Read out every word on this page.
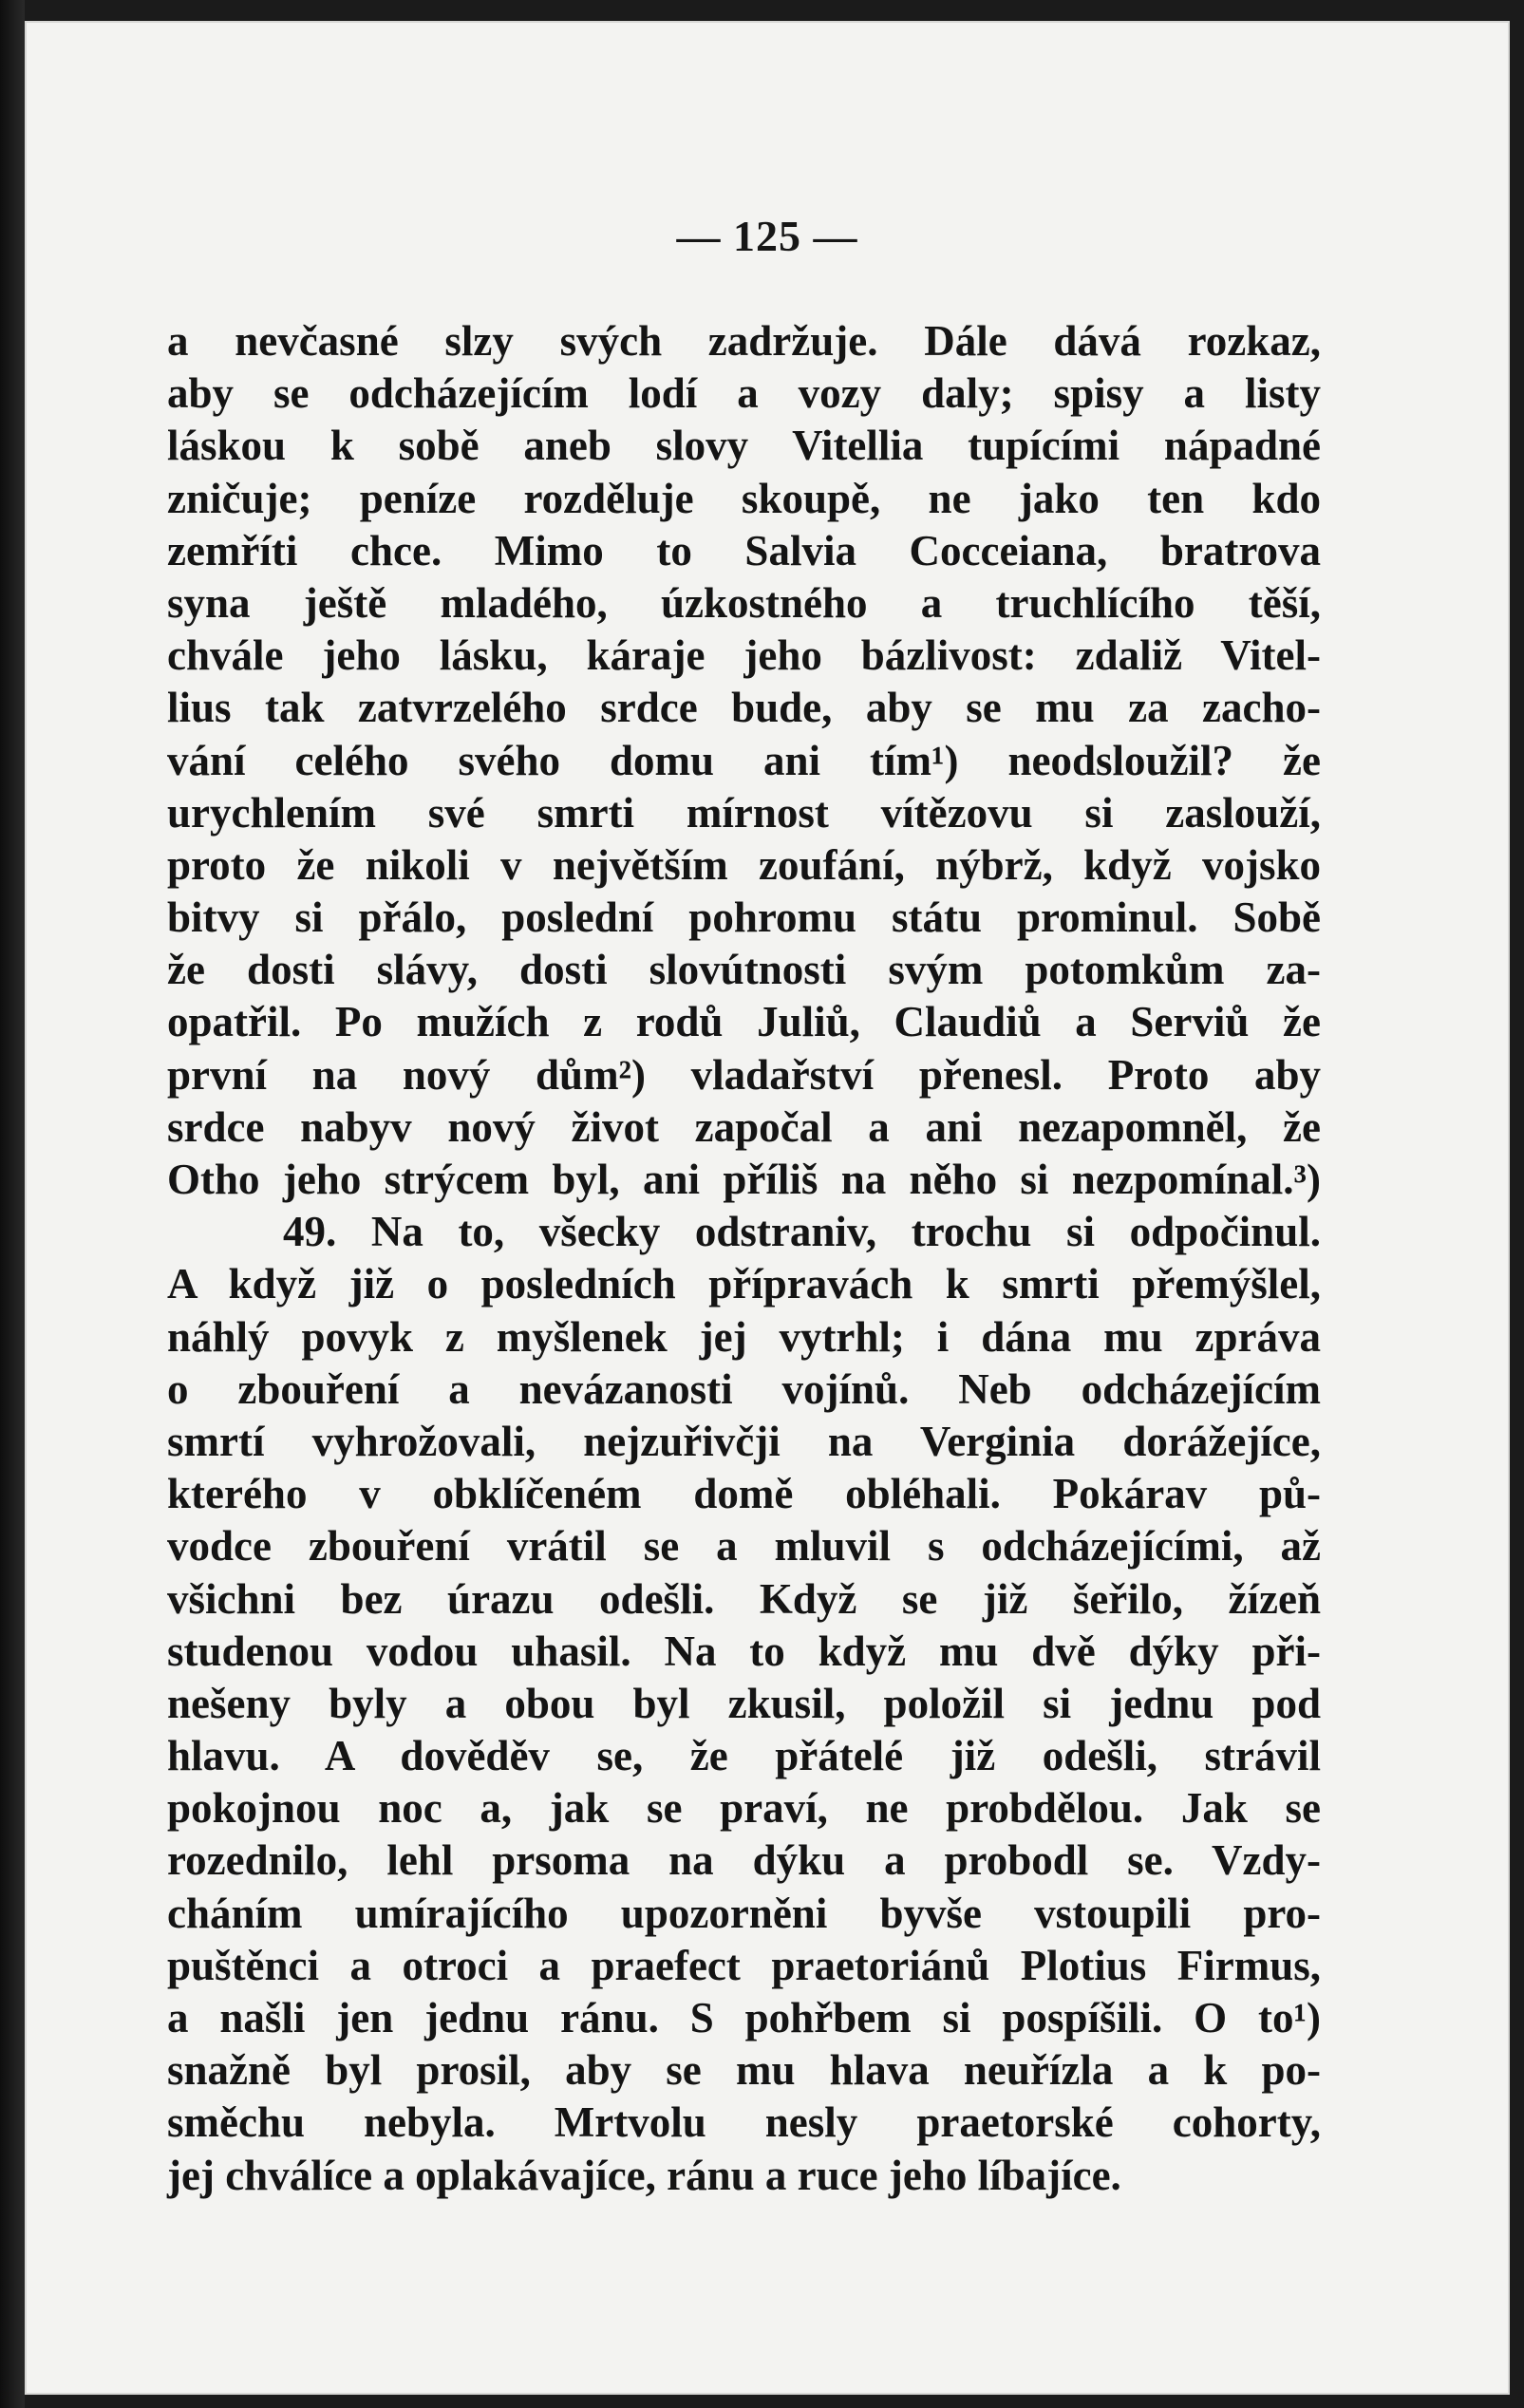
— 125 —
a nevčasné slzy svých zadržuje. Dále dává rozkaz,
aby se odcházejícím lodí a vozy daly; spisy a listy
láskou k sobě aneb slovy Vitellia tupícími nápadné
zničuje; peníze rozděluje skoupě, ne jako ten kdo
zemříti chce. Mimo to Salvia Cocceiana, bratrova
syna ještě mladého, úzkostného a truchlícího těší,
chvále jeho lásku, káraje jeho bázlivost: zdaliž Vitel-
lius tak zatvrzelého srdce bude, aby se mu za zacho-
vání celého svého domu ani tím¹) neodsloužil? že
urychlením své smrti mírnost vítězovu si zaslouží,
proto že nikoli v největším zoufání, nýbrž, když vojsko
bitvy si přálo, poslední pohromu státu prominul. Sobě
že dosti slávy, dosti slovútnosti svým potomkům za-
opatřil. Po mužích z rodů Juliů, Claudiů a Serviů že
první na nový dům²) vladařství přenesl. Proto aby
srdce nabyv nový život započal a ani nezapomněl, že
Otho jeho strýcem byl, ani příliš na něho si nezpomínal.³)
49. Na to, všecky odstraniv, trochu si odpočinul.
A když již o posledních přípravách k smrti přemýšlel,
náhlý povyk z myšlenek jej vytrhl; i dána mu zpráva
o zbouření a nevázanosti vojínů. Neb odcházejícím
smrtí vyhrožovali, nejzuřivčji na Verginia dorážejíce,
kterého v obklíčeném domě obléhali. Pokárav pů-
vodce zbouření vrátil se a mluvil s odcházejícími, až
všichni bez úrazu odešli. Když se již šeřilo, žízeň
studenou vodou uhasil. Na to když mu dvě dýky při-
nešeny byly a obou byl zkusil, položil si jednu pod
hlavu. A dověděv se, že přátelé již odešli, strávil
pokojnou noc a, jak se praví, ne probdělou. Jak se
rozednilo, lehl prsoma na dýku a probodl se. Vzdy-
cháním umírajícího upozorněni byvše vstoupili pro-
puštěnci a otroci a praefect praetoriánů Plotius Firmus,
a našli jen jednu ránu. S pohřbem si pospíšili. O to¹)
snažně byl prosil, aby se mu hlava neuřízla a k po-
směchu nebyla. Mrtvolu nesly praetorské cohorty,
jej chválíce a oplakávajíce, ránu a ruce jeho líbajíce.
